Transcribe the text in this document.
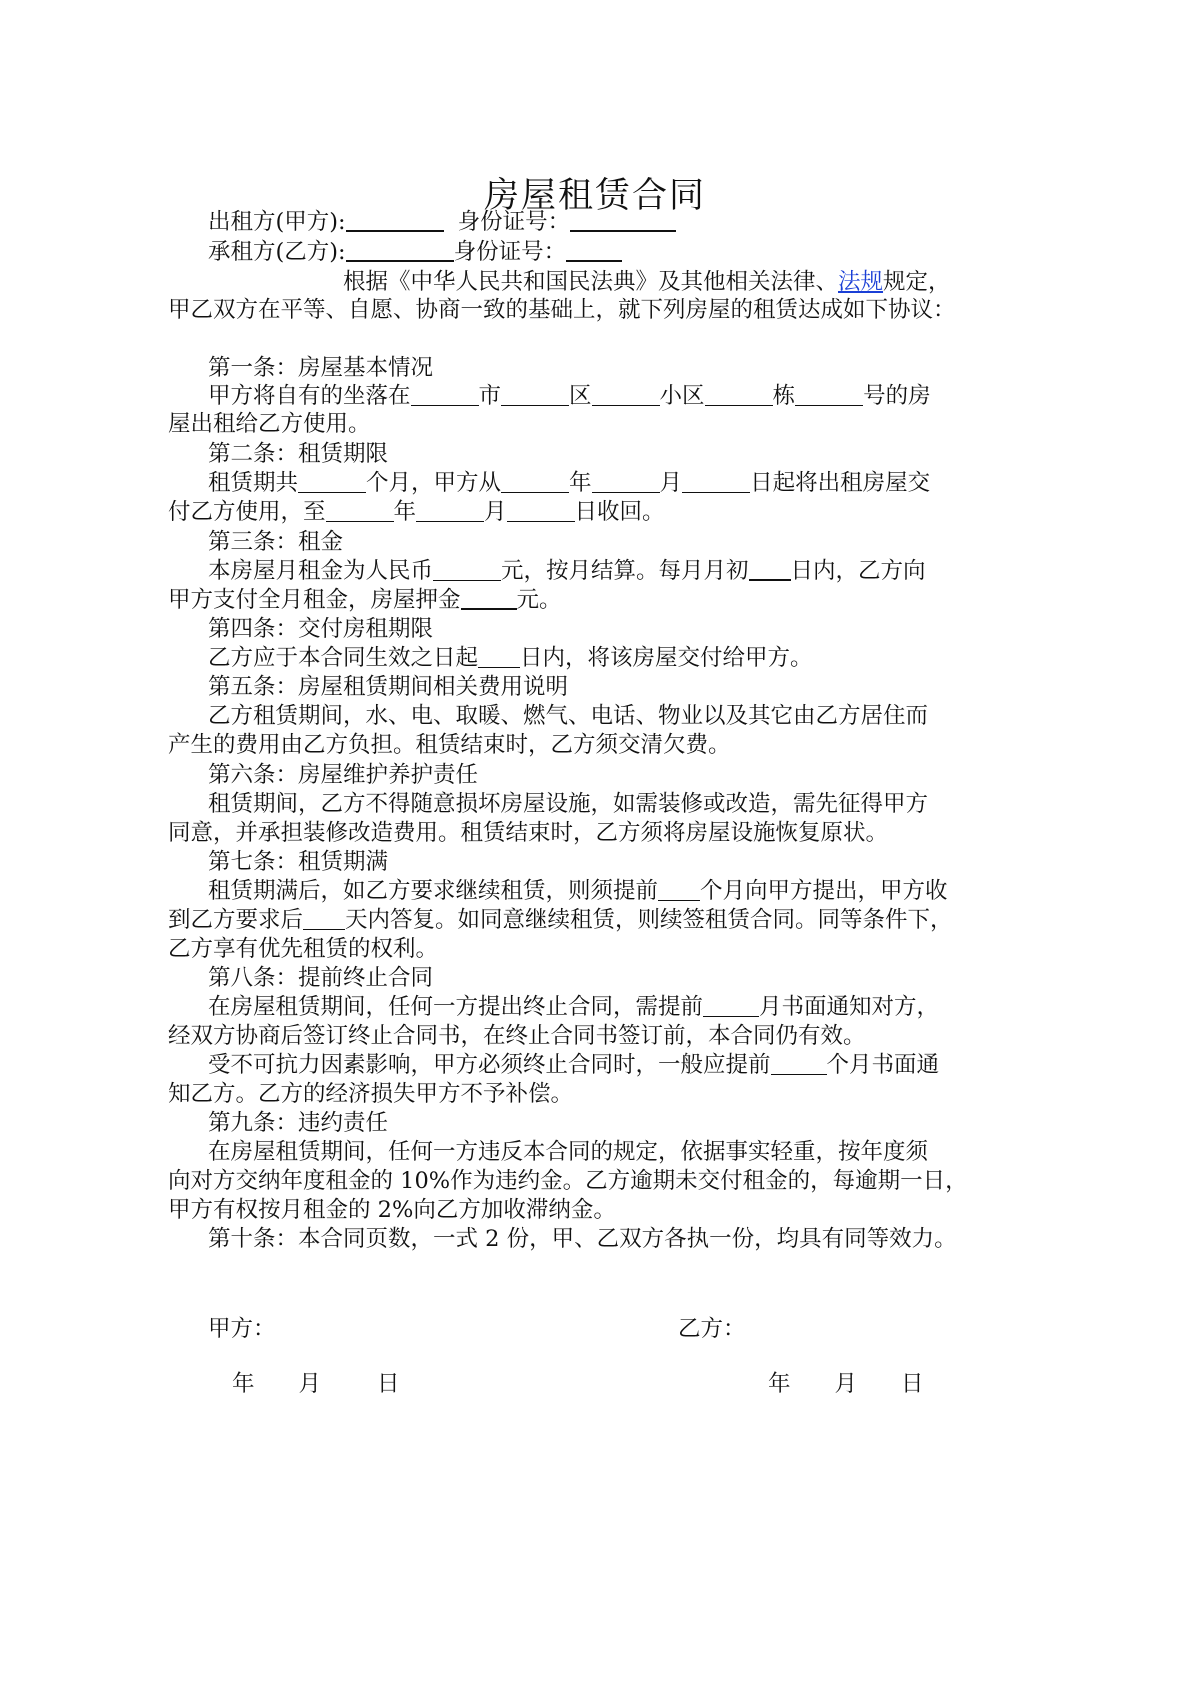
房屋租赁合同
出租方(甲方):	身份证号：
承租方(乙方):	身份证号：
根据《中华人民共和国民法典》及其他相关法律、法规规定，
甲乙双方在平等、自愿、协商一致的基础上，就下列房屋的租赁达成如下协议：
第一条：房屋基本情况
甲方将自有的坐落在	市	区	小区	栋	号的房
屋出租给乙方使用。
第二条：租赁期限
租赁期共	个月，甲方从	年	月	日起将出租房屋交
付乙方使用，至	年	月	日收回。
第三条：租金
本房屋月租金为人民币	元，按月结算。每月月初 日内，乙方向
甲方支付全月租金，房屋押金 元。
第四条：交付房租期限
乙方应于本合同生效之日起 日内，将该房屋交付给甲方。
第五条：房屋租赁期间相关费用说明
乙方租赁期间，水、电、取暖、燃气、电话、物业以及其它由乙方居住而
产生的费用由乙方负担。租赁结束时，乙方须交清欠费。
第六条：房屋维护养护责任
租赁期间，乙方不得随意损坏房屋设施，如需装修或改造，需先征得甲方
同意，并承担装修改造费用。租赁结束时，乙方须将房屋设施恢复原状。
第七条：租赁期满
租赁期满后，如乙方要求继续租赁，则须提前 个月向甲方提出，甲方收
到乙方要求后 天内答复。如同意继续租赁，则续签租赁合同。同等条件下，
乙方享有优先租赁的权利。
第八条：提前终止合同
在房屋租赁期间，任何一方提出终止合同，需提前 月书面通知对方，
经双方协商后签订终止合同书，在终止合同书签订前，本合同仍有效。
受不可抗力因素影响，甲方必须终止合同时，一般应提前 个月书面通
知乙方。乙方的经济损失甲方不予补偿。
第九条：违约责任
在房屋租赁期间，任何一方违反本合同的规定，依据事实轻重，按年度须
向对方交纳年度租金的 10%作为违约金。乙方逾期未交付租金的，每逾期一日，
甲方有权按月租金的 2%向乙方加收滞纳金。
第十条：本合同页数，一式 2 份，甲、乙双方各执一份，均具有同等效力。
甲方：	乙方：
年 月 日	年 月 日
